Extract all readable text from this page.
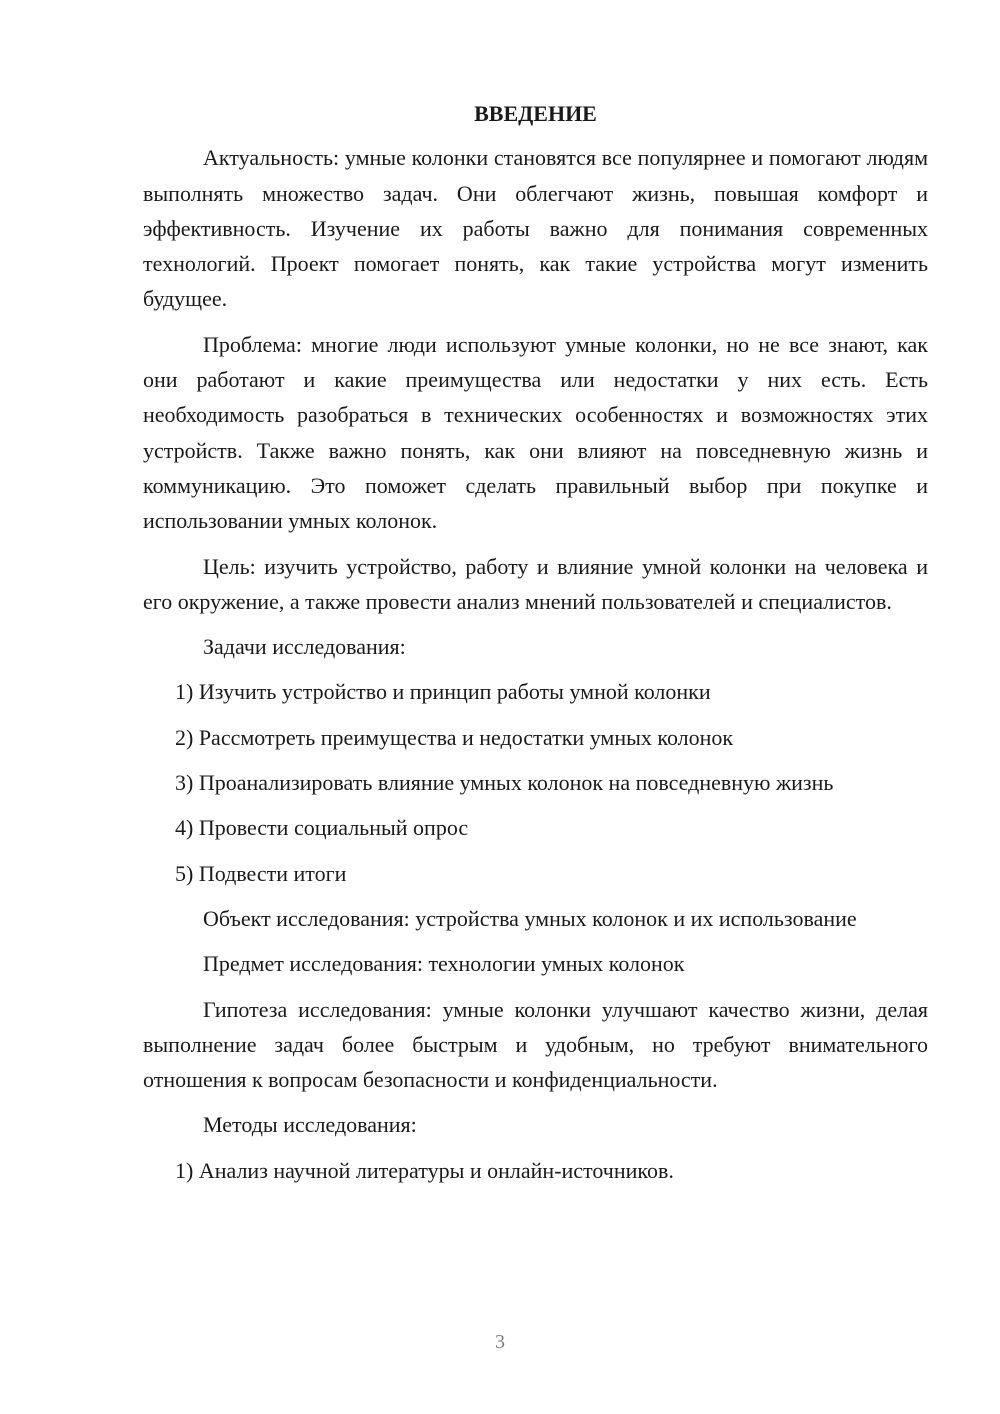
ВВЕДЕНИЕ

Актуальность: умные колонки становятся все популярнее и помогают людям выполнять множество задач. Они облегчают жизнь, повышая комфорт и эффективность. Изучение их работы важно для понимания современных технологий. Проект помогает понять, как такие устройства могут изменить будущее.

Проблема: многие люди используют умные колонки, но не все знают, как они работают и какие преимущества или недостатки у них есть. Есть необходимость разобраться в технических особенностях и возможностях этих устройств. Также важно понять, как они влияют на повседневную жизнь и коммуникацию. Это поможет сделать правильный выбор при покупке и использовании умных колонок.

Цель: изучить устройство, работу и влияние умной колонки на человека и его окружение, а также провести анализ мнений пользователей и специалистов.

Задачи исследования:

1) Изучить устройство и принцип работы умной колонки
2) Рассмотреть преимущества и недостатки умных колонок
3) Проанализировать влияние умных колонок на повседневную жизнь
4) Провести социальный опрос
5) Подвести итоги

Объект исследования: устройства умных колонок и их использование

Предмет исследования: технологии умных колонок

Гипотеза исследования: умные колонки улучшают качество жизни, делая выполнение задач более быстрым и удобным, но требуют внимательного отношения к вопросам безопасности и конфиденциальности.

Методы исследования:

1) Анализ научной литературы и онлайн-источников.
3
